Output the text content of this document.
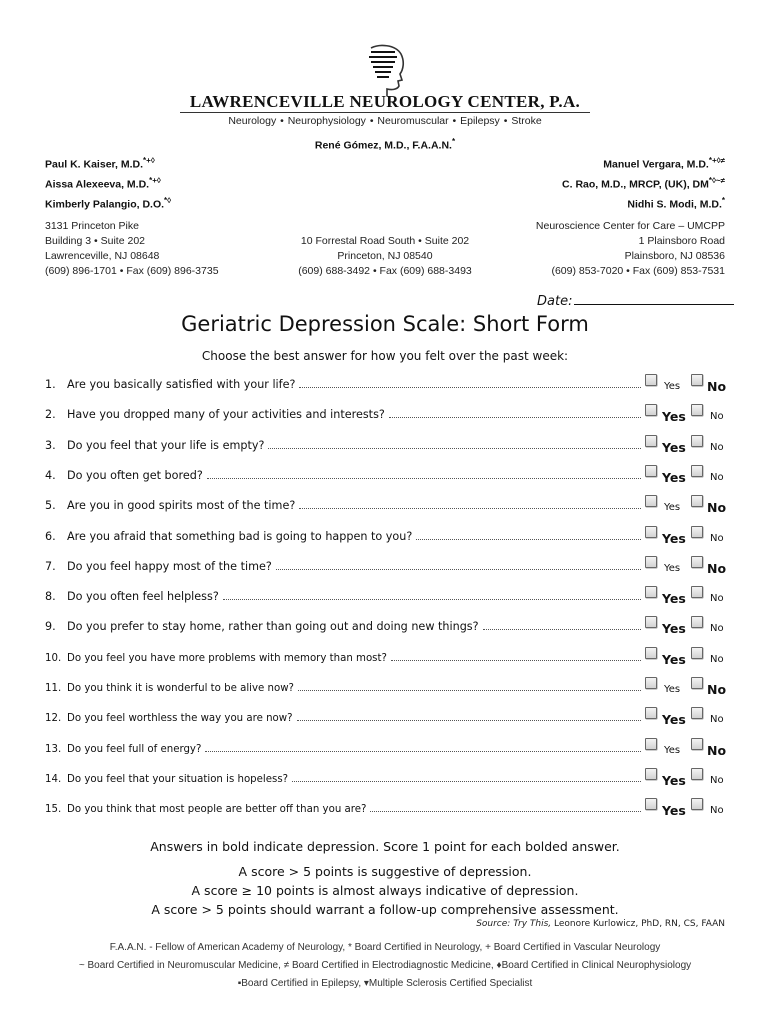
LAWRENCEVILLE NEUROLOGY CENTER, P.A.
Neurology • Neurophysiology • Neuromuscular • Epilepsy • Stroke
René Gómez, M.D., F.A.A.N.*
Paul K. Kaiser, M.D.*+◊
Aissa Alexeeva, M.D.*+◊
Kimberly Palangio, D.O.*◊
Manuel Vergara, M.D.*+◊≠
C. Rao, M.D., MRCP, (UK), DM*◊~≠
Nidhi S. Modi, M.D.*
3131 Princeton Pike
Building 3 • Suite 202
Lawrenceville, NJ 08648
(609) 896-1701 • Fax (609) 896-3735
10 Forrestal Road South • Suite 202
Princeton, NJ 08540
(609) 688-3492 • Fax (609) 688-3493
Neuroscience Center for Care – UMCPP
1 Plainsboro Road
Plainsboro, NJ 08536
(609) 853-7020 • Fax (609) 853-7531
Date:
Geriatric Depression Scale: Short Form
Choose the best answer for how you felt over the past week:
1.	Are you basically satisfied with your life?	Yes No
2.	Have you dropped many of your activities and interests?	Yes No
3.	Do you feel that your life is empty?	Yes No
4.	Do you often get bored?	Yes No
5.	Are you in good spirits most of the time?	Yes No
6.	Are you afraid that something bad is going to happen to you?	Yes No
7.	Do you feel happy most of the time?	Yes No
8.	Do you often feel helpless?	Yes No
9.	Do you prefer to stay home, rather than going out and doing new things?	Yes No
10. Do you feel you have more problems with memory than most?	Yes No
11. Do you think it is wonderful to be alive now?	Yes No
12. Do you feel worthless the way you are now?	Yes No
13. Do you feel full of energy?	Yes No
14. Do you feel that your situation is hopeless?	Yes No
15. Do you think that most people are better off than you are?	Yes No
Answers in bold indicate depression. Score 1 point for each bolded answer.
A score > 5 points is suggestive of depression.
A score ≥ 10 points is almost always indicative of depression.
A score > 5 points should warrant a follow-up comprehensive assessment.
Source: Try This, Leonore Kurlowicz, PhD, RN, CS, FAAN
F.A.A.N. - Fellow of American Academy of Neurology, * Board Certified in Neurology, + Board Certified in Vascular Neurology
~ Board Certified in Neuromuscular Medicine, ≠ Board Certified in Electrodiagnostic Medicine, ♦Board Certified in Clinical Neurophysiology
▪Board Certified in Epilepsy, ▾Multiple Sclerosis Certified Specialist
